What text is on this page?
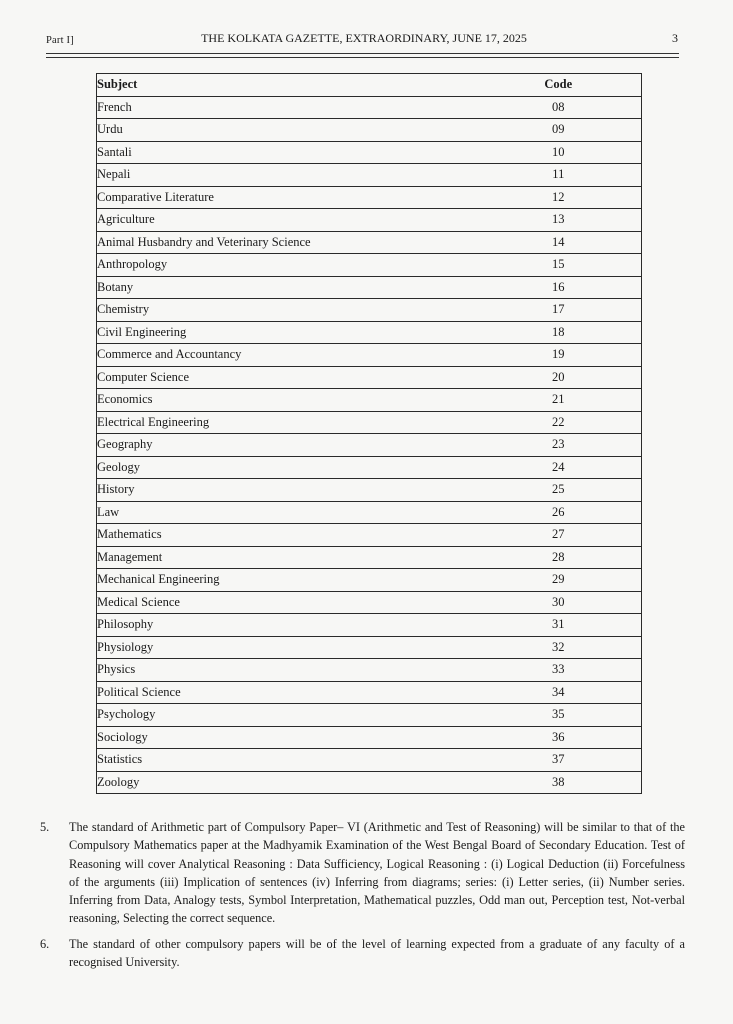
Part I]	THE KOLKATA GAZETTE, EXTRAORDINARY, JUNE 17, 2025	3
Subject	Code
French	08
Urdu	09
Santali	10
Nepali	11
Comparative Literature	12
Agriculture	13
Animal Husbandry and Veterinary Science	14
Anthropology	15
Botany	16
Chemistry	17
Civil Engineering	18
Commerce and Accountancy	19
Computer Science	20
Economics	21
Electrical Engineering	22
Geography	23
Geology	24
History	25
Law	26
Mathematics	27
Management	28
Mechanical Engineering	29
Medical Science	30
Philosophy	31
Physiology	32
Physics	33
Political Science	34
Psychology	35
Sociology	36
Statistics	37
Zoology	38
5. The standard of Arithmetic part of Compulsory Paper– VI (Arithmetic and Test of Reasoning) will be similar to that of the Compulsory Mathematics paper at the Madhyamik Examination of the West Bengal Board of Secondary Education. Test of Reasoning will cover Analytical Reasoning : Data Sufficiency, Logical Reasoning : (i) Logical Deduction (ii) Forcefulness of the arguments (iii) Implication of sentences (iv) Inferring from diagrams; series: (i) Letter series, (ii) Number series. Inferring from Data, Analogy tests, Symbol Interpretation, Mathematical puzzles, Odd man out, Perception test, Not-verbal reasoning, Selecting the correct sequence.
6. The standard of other compulsory papers will be of the level of learning expected from a graduate of any faculty of a recognised University.
